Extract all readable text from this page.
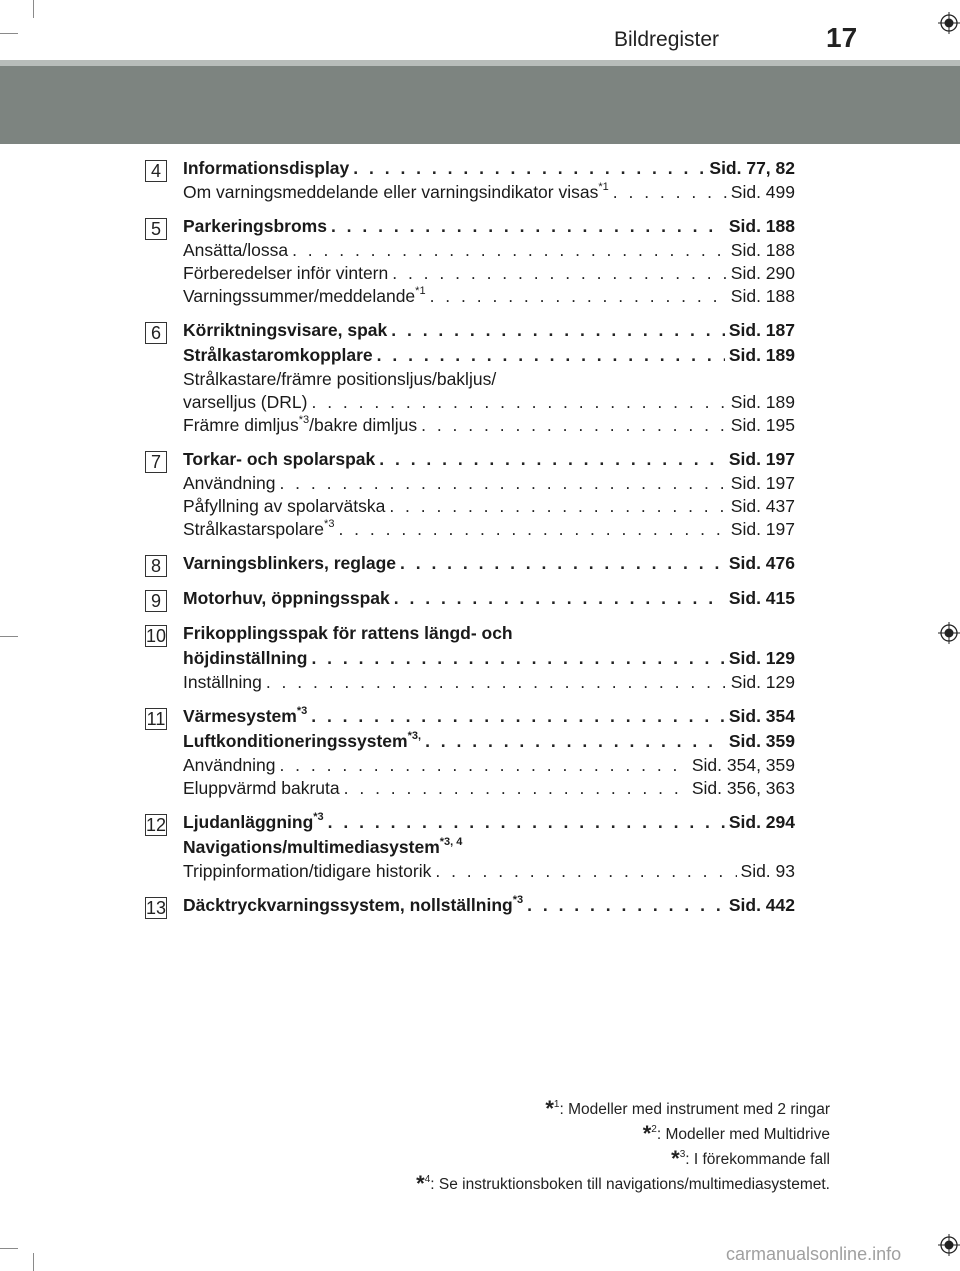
Bildregister	17
4	Informationsdisplay . . .	Sid. 77, 82
Om varningsmeddelande eller varningsindikator visas$^{*1}$ . . .	Sid. 499
5	Parkeringsbroms . . .	Sid. 188
Ansätta/lossa . . .	Sid. 188
Förberedelser inför vintern . . .	Sid. 290
Varningssummer/meddelande$^{*1}$ . . .	Sid. 188
6	Körriktningsvisare, spak . . .	Sid. 187
Strålkastaromkopplare . . .	Sid. 189
Strålkastare/främre positionsljus/bakljus/
varselljus (DRL) . . .	Sid. 189
Främre dimljus$^{*3}$/bakre dimljus . . .	Sid. 195
7	Torkar- och spolarspak . . .	Sid. 197
Användning . . .	Sid. 197
Påfyllning av spolarvätska . . .	Sid. 437
Strålkastarspolare$^{*3}$ . . .	Sid. 197
8	Varningsblinkers, reglage . . .	Sid. 476
9	Motorhuv, öppningsspak . . .	Sid. 415
10 Frikopplingsspak för rattens längd- och
höjdinställning . . .	Sid. 129
Inställning . . .	Sid. 129
11 Värmesystem$^{*3}$ . . .	Sid. 354
Luftkonditioneringssystem$^{*3,}$ . . .	Sid. 359
Användning . . .	Sid. 354, 359
Eluppvärmd bakruta . . .	Sid. 356, 363
12 Ljudanläggning$^{*3}$ . . .	Sid. 294
Navigations/multimediasystem$^{*3, 4}$
Trippinformation/tidigare historik . . .	Sid. 93
13 Däcktryckvarningssystem, nollställning$^{*3}$ . . .	Sid. 442
*$^1$: Modeller med instrument med 2 ringar
*$^2$: Modeller med Multidrive
*$^3$: I förekommande fall
*$^4$: Se instruktionsboken till navigations/multimediasystemet.
carmanualsonline.info
